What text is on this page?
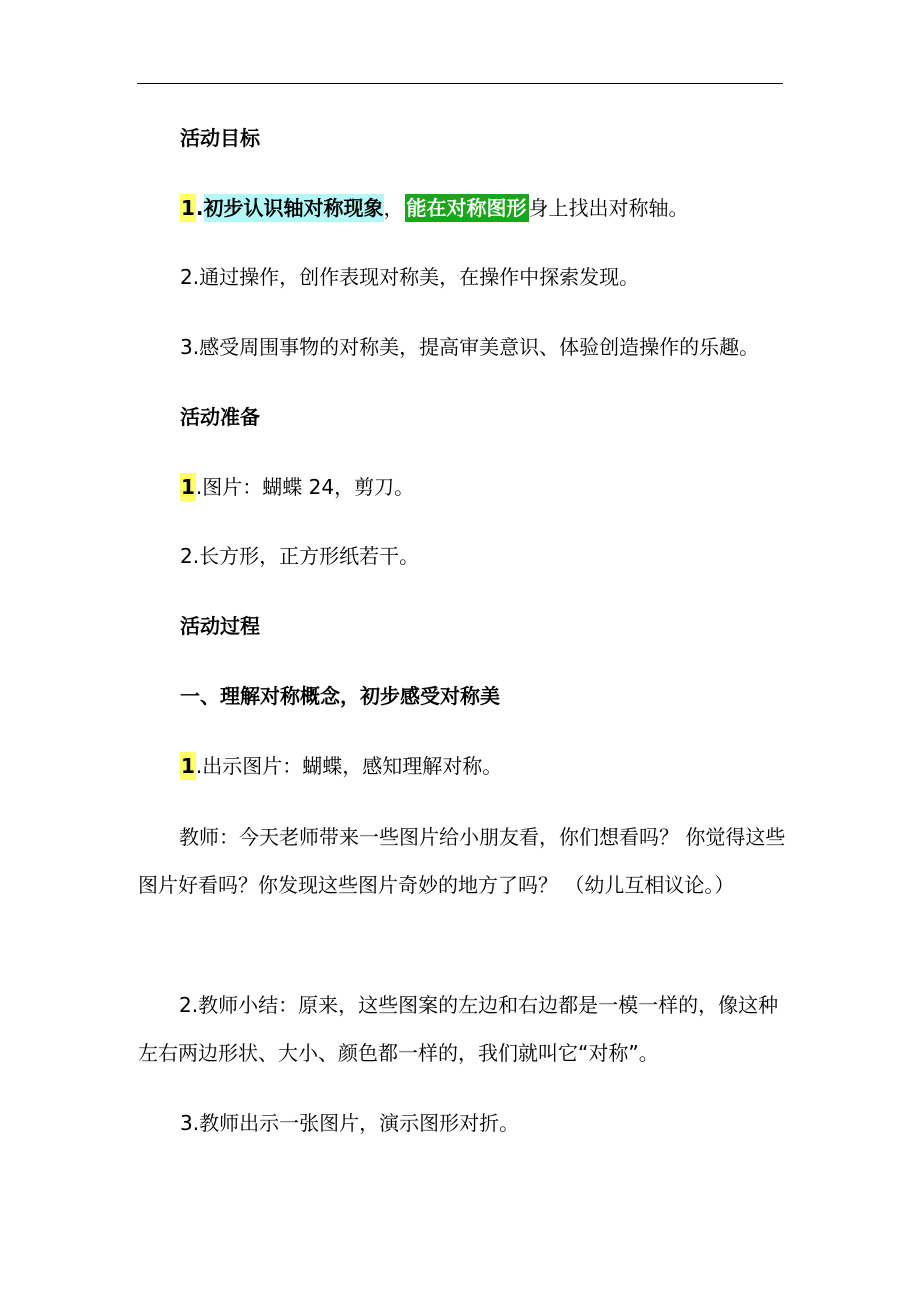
活动目标
1.初步认识轴对称现象， 能在对称图形 身上找出对称轴。
2.通过操作，创作表现对称美，在操作中探索发现。
3.感受周围事物的对称美，提高审美意识、体验创造操作的乐趣。
活动准备
1.图片：蝴蝶 24，剪刀。
2.长方形，正方形纸若干。
活动过程
一、理解对称概念，初步感受对称美
1.出示图片：蝴蝶，感知理解对称。
教师：今天老师带来一些图片给小朋友看，你们想看吗？ 你觉得这些图片好看吗？你发现这些图片奇妙的地方了吗？ （幼儿互相议论。）
2.教师小结：原来，这些图案的左边和右边都是一模一样的，像这种左右两边形状、大小、颜色都一样的，我们就叫它“对称”。
3.教师出示一张图片，演示图形对折。
